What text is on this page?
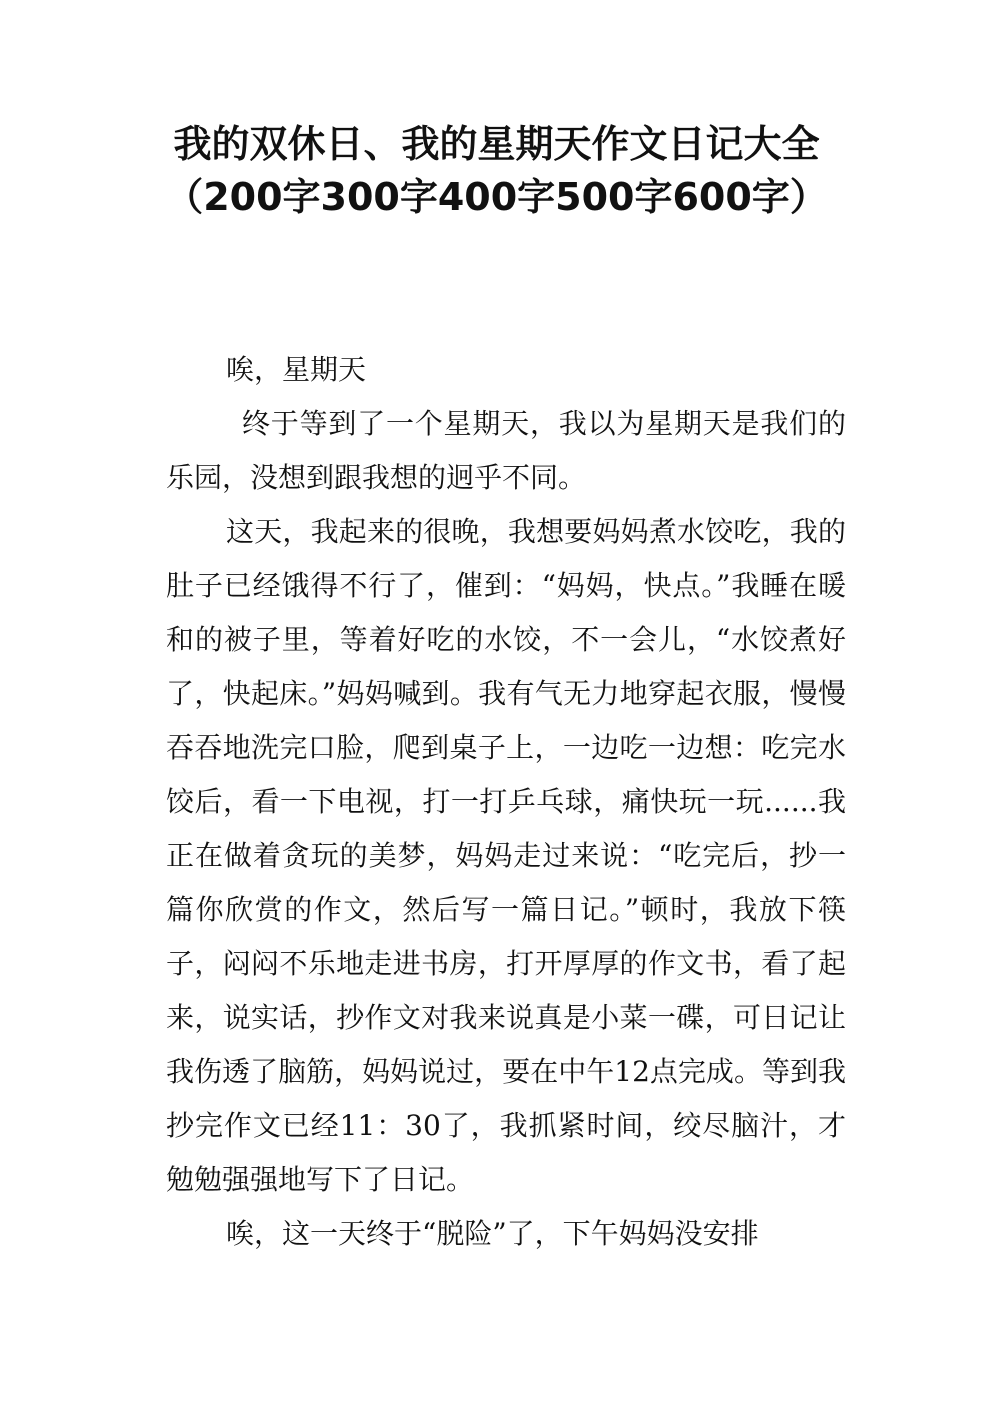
我的双休日、我的星期天作文日记大全（200字300字400字500字600字）

唉，星期天

终于等到了一个星期天，我以为星期天是我们的乐园，没想到跟我想的迥乎不同。

这天，我起来的很晚，我想要妈妈煮水饺吃，我的肚子已经饿得不行了，催到：“妈妈，快点。”我睡在暖和的被子里，等着好吃的水饺，不一会儿，“水饺煮好了，快起床。”妈妈喊到。我有气无力地穿起衣服，慢慢吞吞地洗完口脸，爬到桌子上，一边吃一边想：吃完水饺后，看一下电视，打一打乒乓球，痛快玩一玩......我正在做着贪玩的美梦，妈妈走过来说：“吃完后，抄一篇你欣赏的作文，然后写一篇日记。”顿时，我放下筷子，闷闷不乐地走进书房，打开厚厚的作文书，看了起来，说实话，抄作文对我来说真是小菜一碟，可日记让我伤透了脑筋，妈妈说过，要在中午12点完成。等到我抄完作文已经11：30了，我抓紧时间，绞尽脑汁，才勉勉强强地写下了日记。

唉，这一天终于“脱险”了，下午妈妈没安排
